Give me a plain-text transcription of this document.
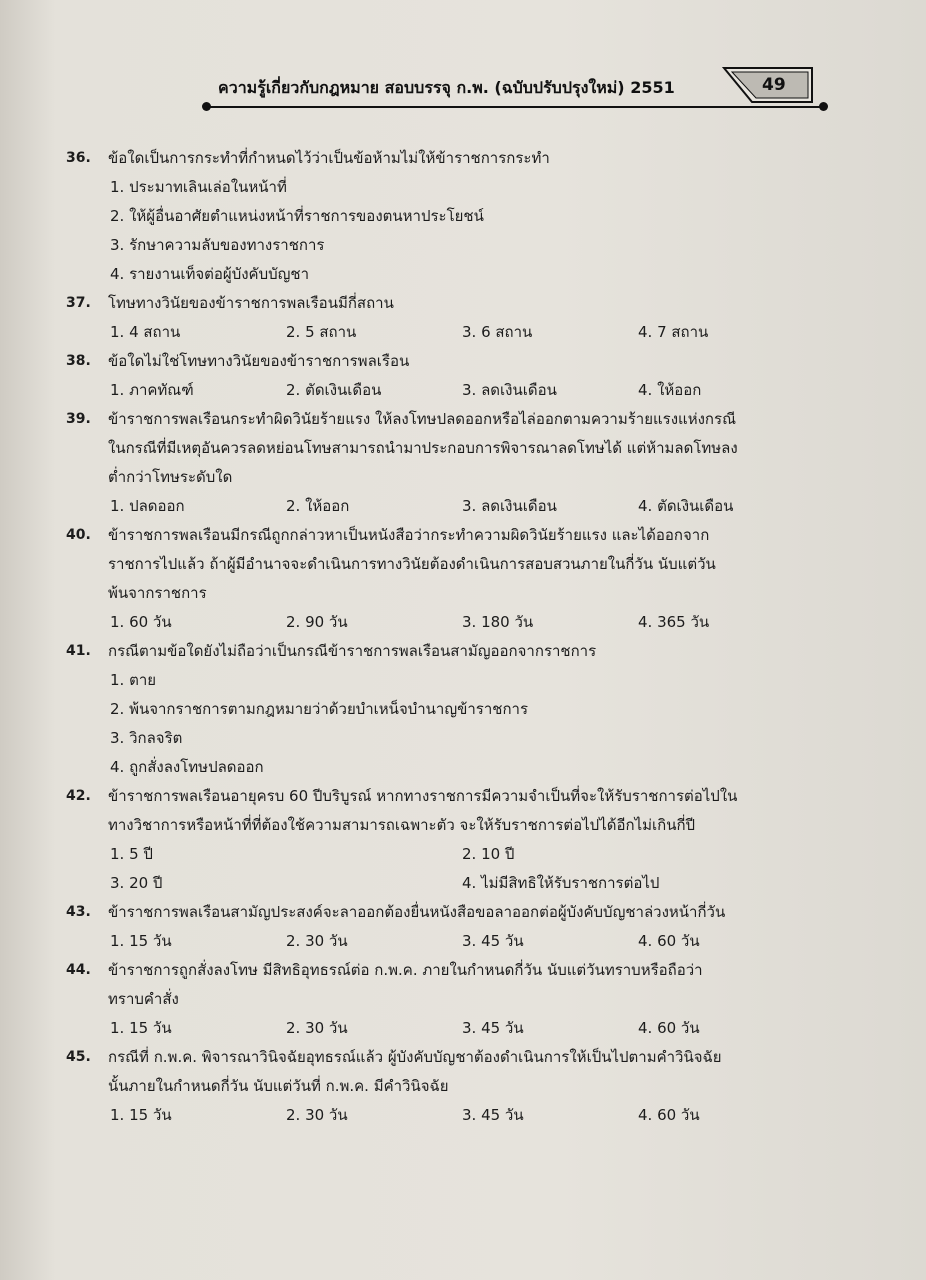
ความรู้เกี่ยวกับกฎหมาย สอบบรรจุ ก.พ. (ฉบับปรับปรุงใหม่) 2551	49
36.	ข้อใดเป็นการกระทำที่กำหนดไว้ว่าเป็นข้อห้ามไม่ให้ข้าราชการกระทำ
1. ประมาทเลินเล่อในหน้าที่
2. ให้ผู้อื่นอาศัยตำแหน่งหน้าที่ราชการของตนหาประโยชน์
3. รักษาความลับของทางราชการ
4. รายงานเท็จต่อผู้บังคับบัญชา
37.	โทษทางวินัยของข้าราชการพลเรือนมีกี่สถาน
1. 4 สถาน	2. 5 สถาน	3. 6 สถาน	4. 7 สถาน
38.	ข้อใดไม่ใช่โทษทางวินัยของข้าราชการพลเรือน
1. ภาคทัณฑ์	2. ตัดเงินเดือน	3. ลดเงินเดือน	4. ให้ออก
39.	ข้าราชการพลเรือนกระทำผิดวินัยร้ายแรง ให้ลงโทษปลดออกหรือไล่ออกตามความร้ายแรงแห่งกรณี
ในกรณีที่มีเหตุอันควรลดหย่อนโทษสามารถนำมาประกอบการพิจารณาลดโทษได้ แต่ห้ามลดโทษลง
ต่ำกว่าโทษระดับใด
1. ปลดออก	2. ให้ออก	3. ลดเงินเดือน	4. ตัดเงินเดือน
40.	ข้าราชการพลเรือนมีกรณีถูกกล่าวหาเป็นหนังสือว่ากระทำความผิดวินัยร้ายแรง และได้ออกจาก
ราชการไปแล้ว ถ้าผู้มีอำนาจจะดำเนินการทางวินัยต้องดำเนินการสอบสวนภายในกี่วัน นับแต่วัน
พ้นจากราชการ
1. 60 วัน	2. 90 วัน	3. 180 วัน	4. 365 วัน
41.	กรณีตามข้อใดยังไม่ถือว่าเป็นกรณีข้าราชการพลเรือนสามัญออกจากราชการ
1. ตาย
2. พ้นจากราชการตามกฎหมายว่าด้วยบำเหน็จบำนาญข้าราชการ
3. วิกลจริต
4. ถูกสั่งลงโทษปลดออก
42.	ข้าราชการพลเรือนอายุครบ 60 ปีบริบูรณ์ หากทางราชการมีความจำเป็นที่จะให้รับราชการต่อไปใน
ทางวิชาการหรือหน้าที่ที่ต้องใช้ความสามารถเฉพาะตัว จะให้รับราชการต่อไปได้อีกไม่เกินกี่ปี
1. 5 ปี	2. 10 ปี
3. 20 ปี	4. ไม่มีสิทธิให้รับราชการต่อไป
43.	ข้าราชการพลเรือนสามัญประสงค์จะลาออกต้องยื่นหนังสือขอลาออกต่อผู้บังคับบัญชาล่วงหน้ากี่วัน
1. 15 วัน	2. 30 วัน	3. 45 วัน	4. 60 วัน
44.	ข้าราชการถูกสั่งลงโทษ มีสิทธิอุทธรณ์ต่อ ก.พ.ค. ภายในกำหนดกี่วัน นับแต่วันทราบหรือถือว่า
ทราบคำสั่ง
1. 15 วัน	2. 30 วัน	3. 45 วัน	4. 60 วัน
45.	กรณีที่ ก.พ.ค. พิจารณาวินิจฉัยอุทธรณ์แล้ว ผู้บังคับบัญชาต้องดำเนินการให้เป็นไปตามคำวินิจฉัย
นั้นภายในกำหนดกี่วัน นับแต่วันที่ ก.พ.ค. มีคำวินิจฉัย
1. 15 วัน	2. 30 วัน	3. 45 วัน	4. 60 วัน
